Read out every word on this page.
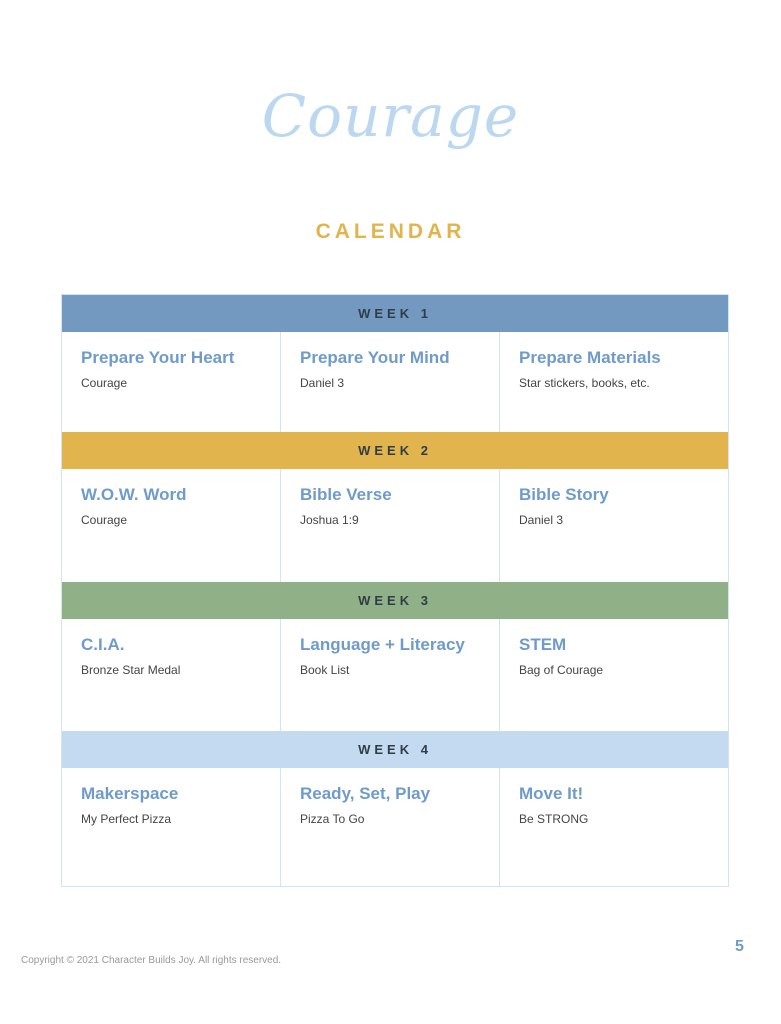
Courage
CALENDAR
WEEK 1
Prepare Your Heart
Courage
Prepare Your Mind
Daniel 3
Prepare Materials
Star stickers, books, etc.
WEEK 2
W.O.W. Word
Courage
Bible Verse
Joshua 1:9
Bible Story
Daniel 3
WEEK 3
C.I.A.
Bronze Star Medal
Language + Literacy
Book List
STEM
Bag of Courage
WEEK 4
Makerspace
My Perfect Pizza
Ready, Set, Play
Pizza To Go
Move It!
Be STRONG
Copyright © 2021 Character Builds Joy. All rights reserved.
5
